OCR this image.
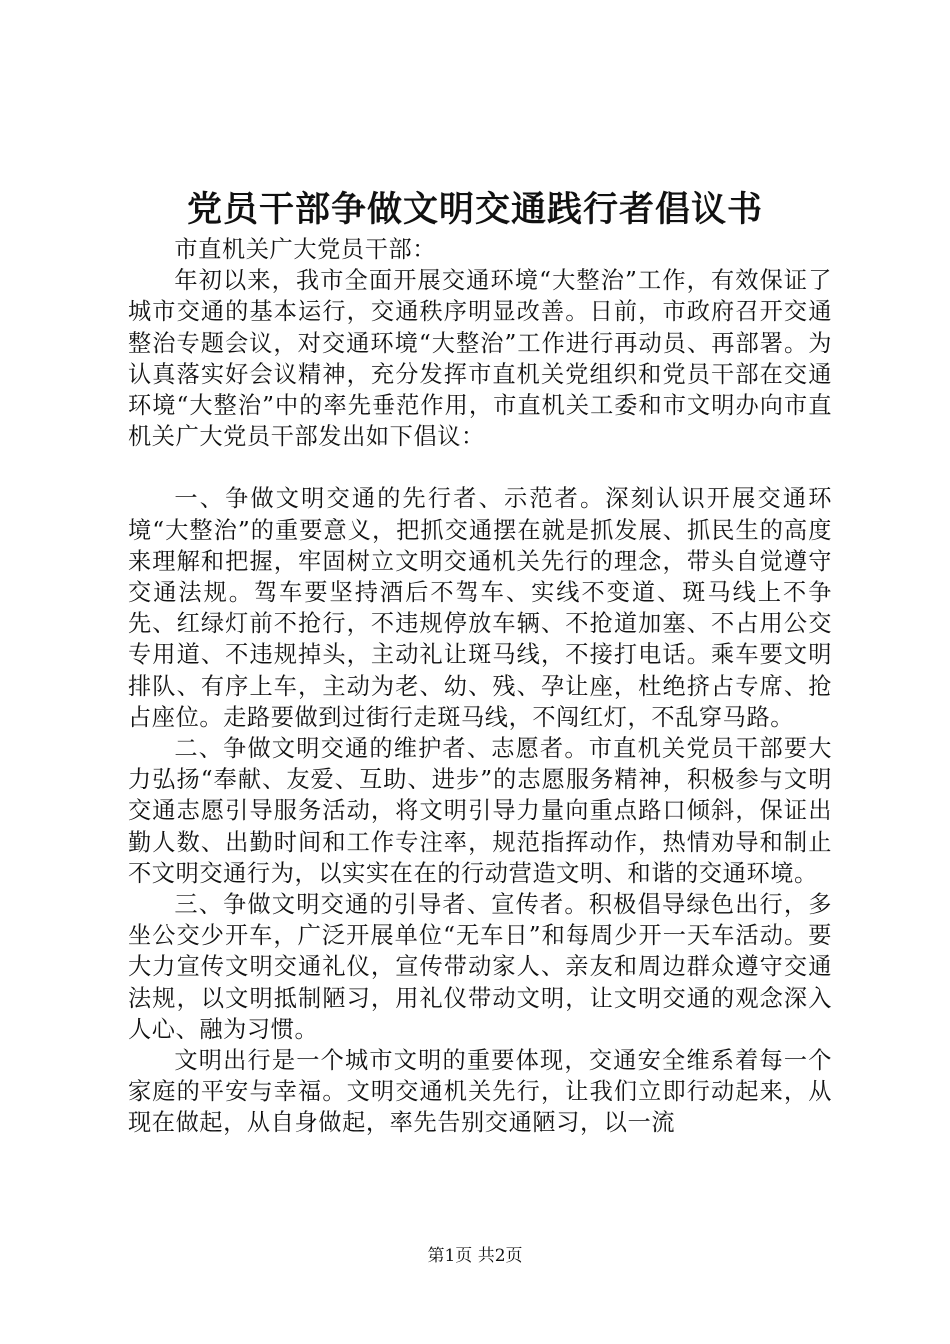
党员干部争做文明交通践行者倡议书

市直机关广大党员干部：

年初以来，我市全面开展交通环境“大整治”工作，有效保证了城市交通的基本运行，交通秩序明显改善。日前，市政府召开交通整治专题会议，对交通环境“大整治”工作进行再动员、再部署。为认真落实好会议精神，充分发挥市直机关党组织和党员干部在交通环境“大整治”中的率先垂范作用，市直机关工委和市文明办向市直机关广大党员干部发出如下倡议：

一、争做文明交通的先行者、示范者。深刻认识开展交通环境“大整治”的重要意义，把抓交通摆在就是抓发展、抓民生的高度来理解和把握，牢固树立文明交通机关先行的理念，带头自觉遵守交通法规。驾车要坚持酒后不驾车、实线不变道、斑马线上不争先、红绿灯前不抢行，不违规停放车辆、不抢道加塞、不占用公交专用道、不违规掉头，主动礼让斑马线，不接打电话。乘车要文明排队、有序上车，主动为老、幼、残、孕让座，杜绝挤占专席、抢占座位。走路要做到过街行走斑马线，不闯红灯，不乱穿马路。

二、争做文明交通的维护者、志愿者。市直机关党员干部要大力弘扬“奉献、友爱、互助、进步”的志愿服务精神，积极参与文明交通志愿引导服务活动，将文明引导力量向重点路口倾斜，保证出勤人数、出勤时间和工作专注率，规范指挥动作，热情劝导和制止不文明交通行为，以实实在在的行动营造文明、和谐的交通环境。

三、争做文明交通的引导者、宣传者。积极倡导绿色出行，多坐公交少开车，广泛开展单位“无车日”和每周少开一天车活动。要大力宣传文明交通礼仪，宣传带动家人、亲友和周边群众遵守交通法规，以文明抵制陋习，用礼仪带动文明，让文明交通的观念深入人心、融为习惯。

文明出行是一个城市文明的重要体现，交通安全维系着每一个家庭的平安与幸福。文明交通机关先行，让我们立即行动起来，从现在做起，从自身做起，率先告别交通陋习，以一流

第1页 共2页
